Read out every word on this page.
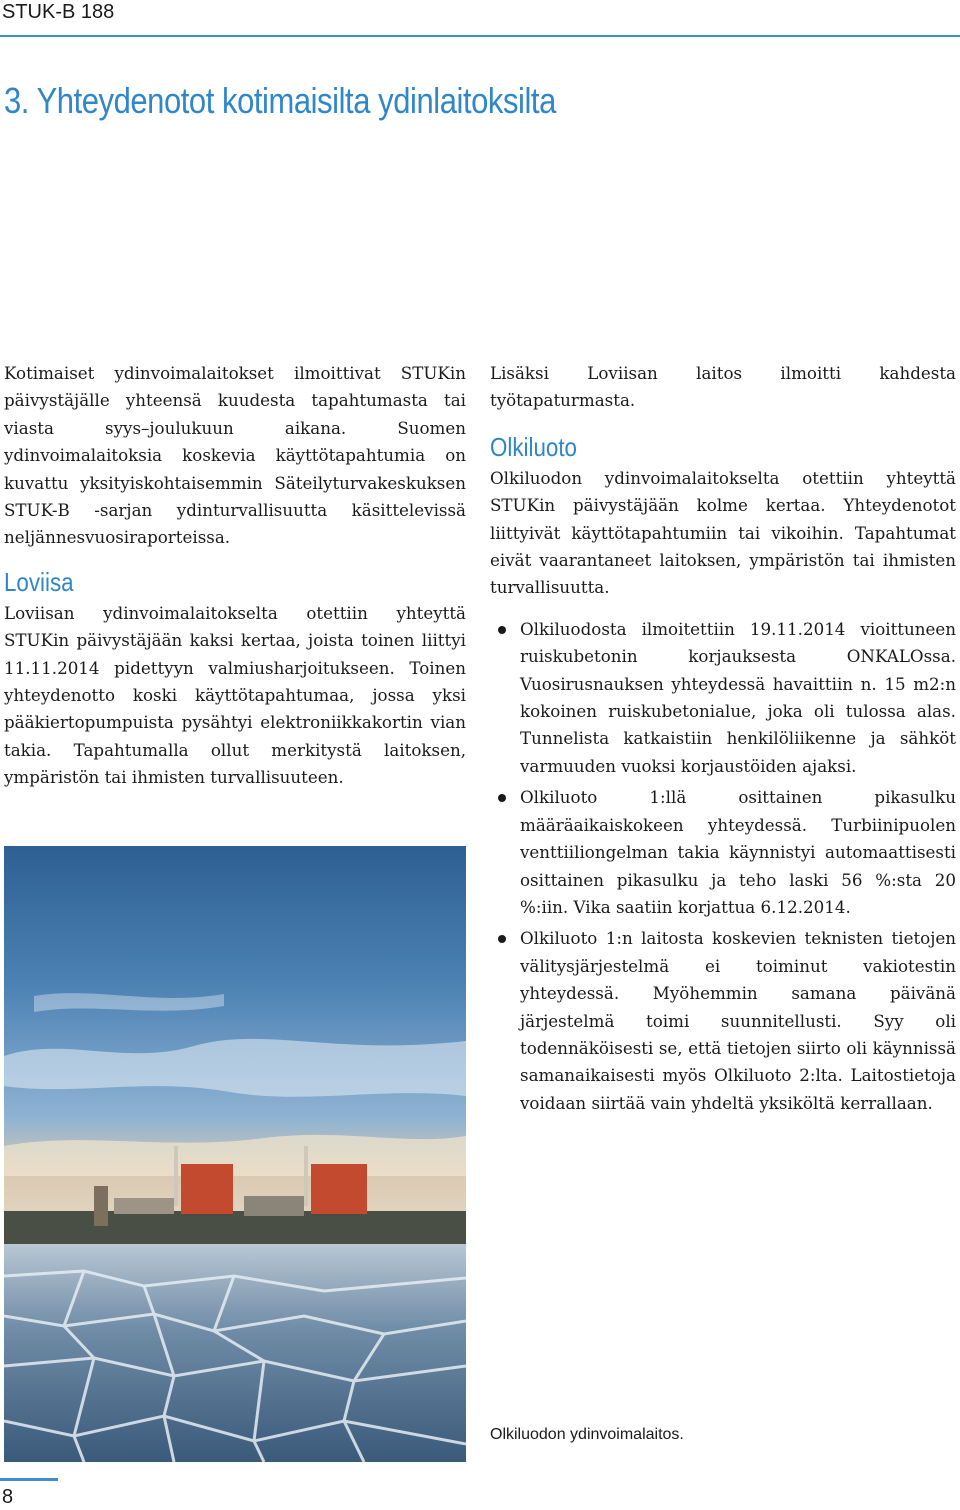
STUK-B 188
3. Yhteydenotot kotimaisilta ydinlaitoksilta

Kotimaiset ydinvoimalaitokset ilmoittivat STUKin päivystäjälle yhteensä kuudesta tapahtumasta tai viasta syys–joulukuun aikana. Suomen ydinvoimalaitoksia koskevia käyttötapahtumia on kuvattu yksityiskohtaisemmin Säteilyturvakeskuksen STUK-B -sarjan ydinturvallisuutta käsittelevissä neljännesvuosiraporteissa.

Loviisa

Loviisan ydinvoimalaitokselta otettiin yhteyttä STUKin päivystäjään kaksi kertaa, joista toinen liittyi 11.11.2014 pidettyyn valmiusharjoitukseen. Toinen yhteydenotto koski käyttötapahtumaa, jossa yksi pääkiertopumpuista pysähtyi elektroniikkakortin vian takia. Tapahtumalla ollut merkitystä laitoksen, ympäristön tai ihmisten turvallisuuteen.

Lisäksi Loviisan laitos ilmoitti kahdesta työtapaturmasta.

Olkiluoto

Olkiluodon ydinvoimalaitokselta otettiin yhteyttä STUKin päivystäjään kolme kertaa. Yhteydenotot liittyivät käyttötapahtumiin tai vikoihin. Tapahtumat eivät vaarantaneet laitoksen, ympäristön tai ihmisten turvallisuutta.

Olkiluodosta ilmoitettiin 19.11.2014 vioittuneen ruiskubetonin korjauksesta ONKALOssa. Vuosirusnauksen yhteydessä havaittiin n. 15 m2:n kokoinen ruiskubetonialue, joka oli tulossa alas. Tunnelista katkaistiin henkilöliikenne ja sähköt varmuuden vuoksi korjaustöiden ajaksi.
Olkiluoto 1:llä osittainen pikasulku määräaikaiskokeen yhteydessä. Turbiinipuolen venttiiliongelman takia käynnistyi automaattisesti osittainen pikasulku ja teho laski 56 %:sta 20 %:iin. Vika saatiin korjattua 6.12.2014.
Olkiluoto 1:n laitosta koskevien teknisten tietojen välitysjärjestelmä ei toiminut vakiotestin yhteydessä. Myöhemmin samana päivänä järjestelmä toimi suunnitellusti. Syy oli todennäköisesti se, että tietojen siirto oli käynnissä samanaikaisesti myös Olkiluoto 2:lta. Laitostietoja voidaan siirtää vain yhdeltä yksiköltä kerrallaan.
Olkiluodon ydinvoimalaitos.
8
